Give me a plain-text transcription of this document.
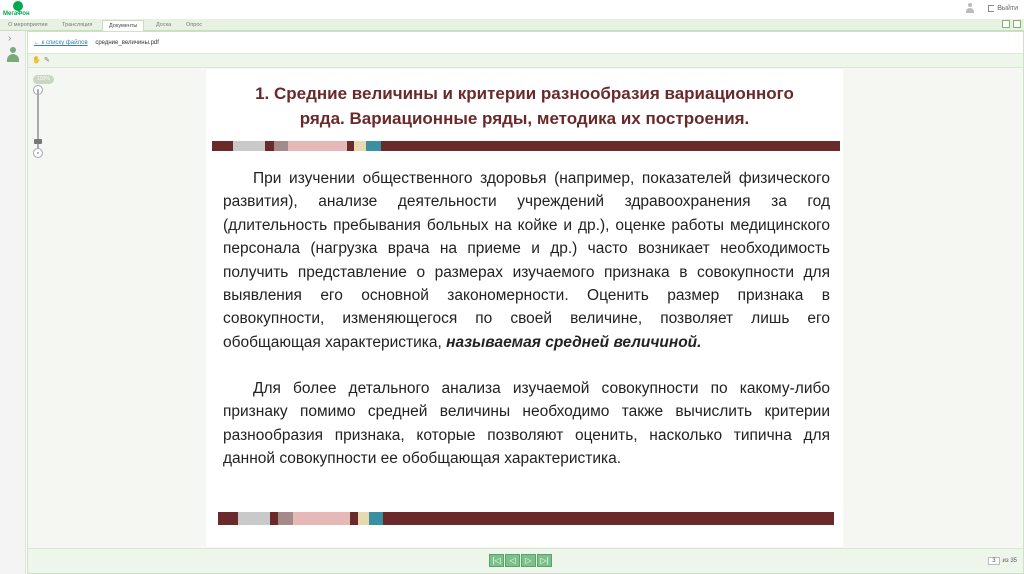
МегаФон
Выйти
О мероприятии	Трансляция	Документы	Доска	Опрос
›	← к списку файлов средние_величины.pdf
✋ ✎
100%
1. Средние величины и критерии разнообразия вариационного
ряда. Вариационные ряды, методика их построения.
При изучении общественного здоровья (например, показателей физического развития), анализе деятельности учреждений здравоохранения за год (длительность пребывания больных на койке и др.), оценке работы медицинского персонала (нагрузка врача на приеме и др.) часто возникает необходимость получить представление о размерах изучаемого признака в совокупности для выявления его основной закономерности. Оценить размер признака в совокупности, изменяющегося по своей величине, позволяет лишь его обобщающая характеристика, называемая средней величиной.
Для более детального анализа изучаемой совокупности по какому-либо признаку помимо средней величины необходимо также вычислить критерии разнообразия признака, которые позволяют оценить, насколько типична для данной совокупности ее обобщающая характеристика.
|◁	◁	▷	▷|	3	из 35
